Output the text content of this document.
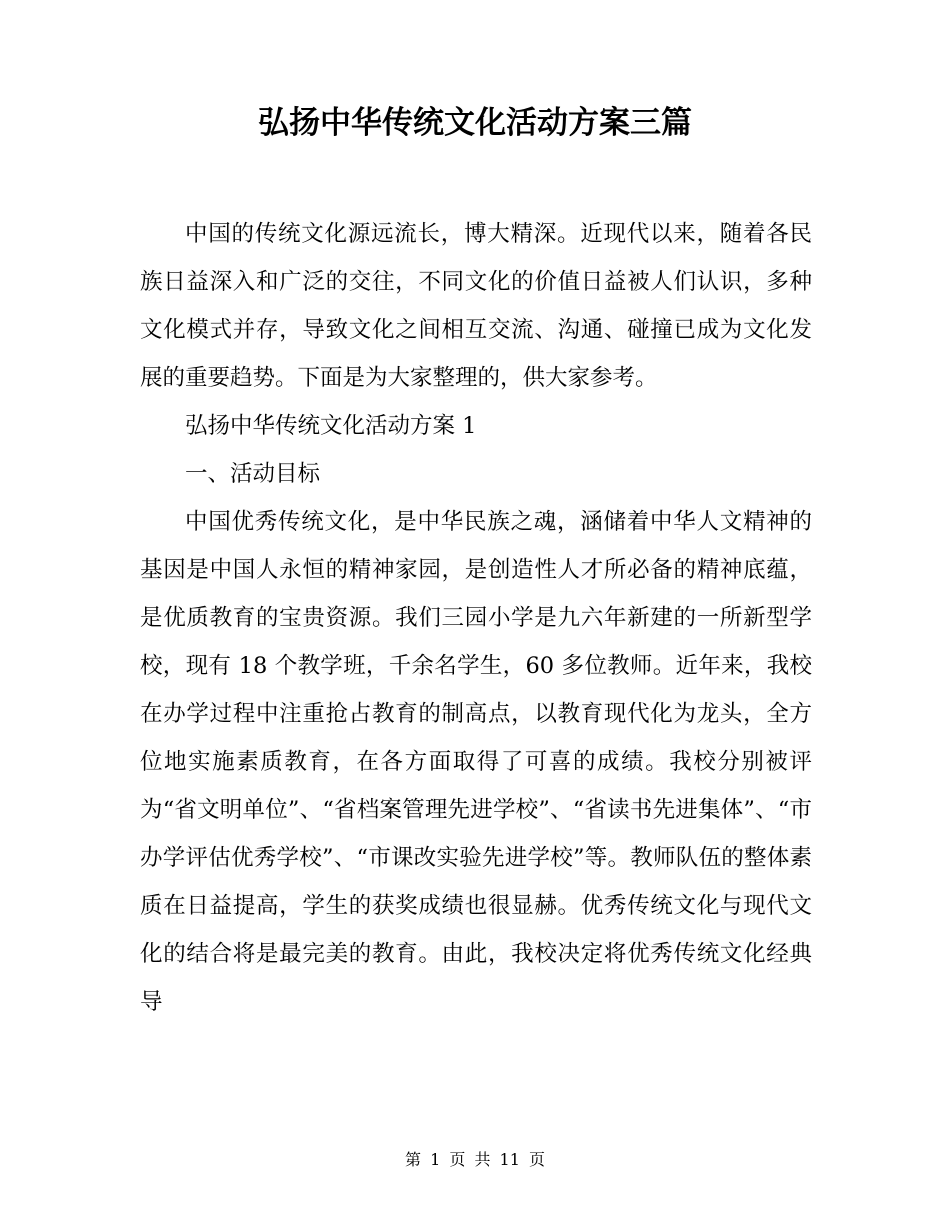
弘扬中华传统文化活动方案三篇

中国的传统文化源远流长，博大精深。近现代以来，随着各民族日益深入和广泛的交往，不同文化的价值日益被人们认识，多种文化模式并存，导致文化之间相互交流、沟通、碰撞已成为文化发展的重要趋势。下面是为大家整理的，供大家参考。

弘扬中华传统文化活动方案 1

一、活动目标

中国优秀传统文化，是中华民族之魂，涵储着中华人文精神的基因是中国人永恒的精神家园，是创造性人才所必备的精神底蕴，是优质教育的宝贵资源。我们三园小学是九六年新建的一所新型学校，现有 18 个教学班，千余名学生，60 多位教师。近年来，我校在办学过程中注重抢占教育的制高点，以教育现代化为龙头，全方位地实施素质教育，在各方面取得了可喜的成绩。我校分别被评为“省文明单位”、“省档案管理先进学校”、“省读书先进集体”、“市办学评估优秀学校”、“市课改实验先进学校”等。教师队伍的整体素质在日益提高，学生的获奖成绩也很显赫。优秀传统文化与现代文化的结合将是最完美的教育。由此，我校决定将优秀传统文化经典导

第 1 页 共 11 页
